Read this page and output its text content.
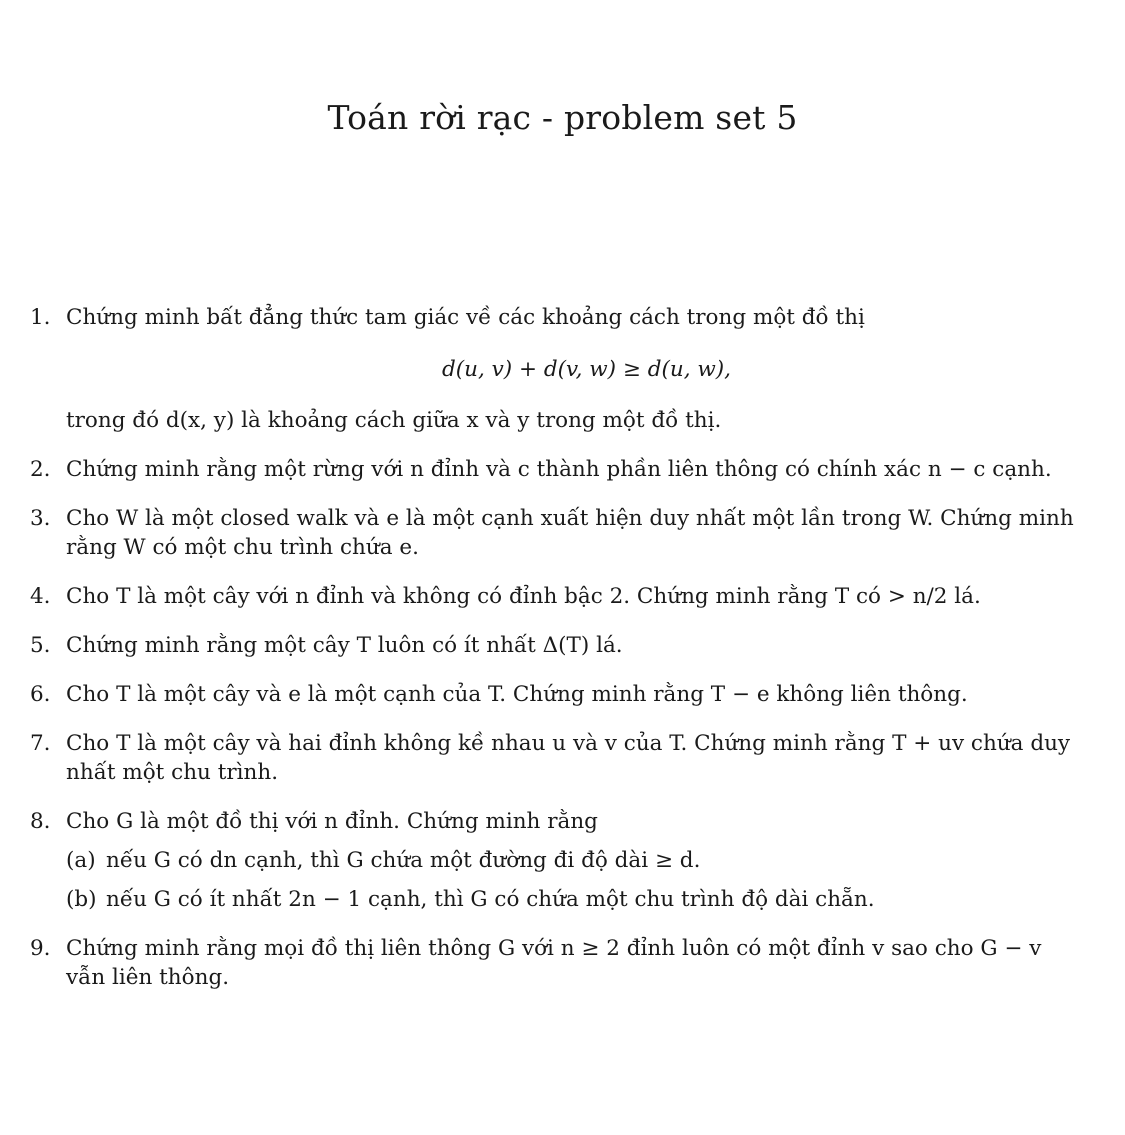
Toán rời rạc - problem set 5
1. Chứng minh bất đẳng thức tam giác về các khoảng cách trong một đồ thị
d(u, v) + d(v, w) ≥ d(u, w),
trong đó d(x, y) là khoảng cách giữa x và y trong một đồ thị.
2. Chứng minh rằng một rừng với n đỉnh và c thành phần liên thông có chính xác n − c cạnh.
3. Cho W là một closed walk và e là một cạnh xuất hiện duy nhất một lần trong W. Chứng minh rằng W có một chu trình chứa e.
4. Cho T là một cây với n đỉnh và không có đỉnh bậc 2. Chứng minh rằng T có > n/2 lá.
5. Chứng minh rằng một cây T luôn có ít nhất Δ(T) lá.
6. Cho T là một cây và e là một cạnh của T. Chứng minh rằng T − e không liên thông.
7. Cho T là một cây và hai đỉnh không kề nhau u và v của T. Chứng minh rằng T + uv chứa duy nhất một chu trình.
8. Cho G là một đồ thị với n đỉnh. Chứng minh rằng
(a) nếu G có dn cạnh, thì G chứa một đường đi độ dài ≥ d.
(b) nếu G có ít nhất 2n − 1 cạnh, thì G có chứa một chu trình độ dài chẵn.
9. Chứng minh rằng mọi đồ thị liên thông G với n ≥ 2 đỉnh luôn có một đỉnh v sao cho G − v vẫn liên thông.
